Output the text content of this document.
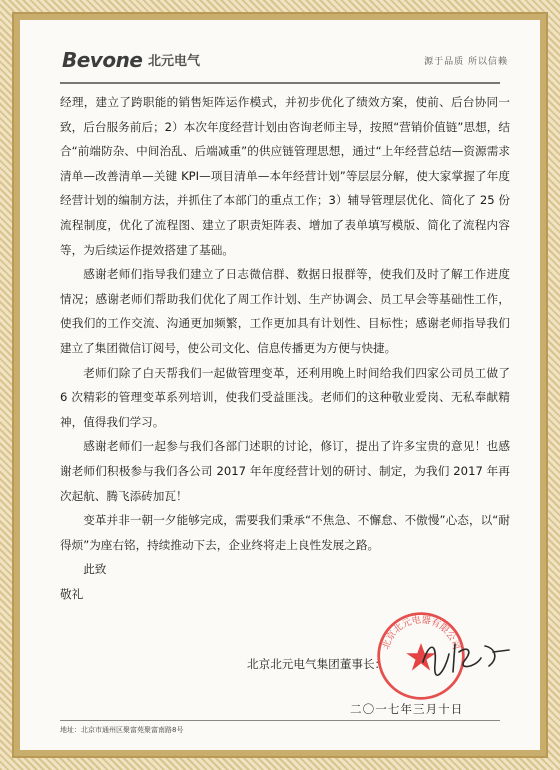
Bevone 北元电气	源于品质 所以信赖

经理，建立了跨职能的销售矩阵运作模式，并初步优化了绩效方案，使前、后台协同一致，后台服务前后；2）本次年度经营计划由咨询老师主导，按照“营销价值链”思想，结合“前端防杂、中间治乱、后端减重”的供应链管理思想，通过“上年经营总结—资源需求清单—改善清单—关键 KPI—项目清单—本年经营计划”等层层分解，使大家掌握了年度经营计划的编制方法，并抓住了本部门的重点工作；3）辅导管理层优化、简化了 25 份流程制度，优化了流程图、建立了职责矩阵表、增加了表单填写模版、简化了流程内容等，为后续运作提效搭建了基础。

感谢老师们指导我们建立了日志微信群、数据日报群等，使我们及时了解工作进度情况；感谢老师们帮助我们优化了周工作计划、生产协调会、员工早会等基础性工作，使我们的工作交流、沟通更加频繁，工作更加具有计划性、目标性；感谢老师指导我们建立了集团微信订阅号，使公司文化、信息传播更为方便与快捷。

老师们除了白天帮我们一起做管理变革，还利用晚上时间给我们四家公司员工做了 6 次精彩的管理变革系列培训，使我们受益匪浅。老师们的这种敬业爱岗、无私奉献精神，值得我们学习。

感谢老师们一起参与我们各部门述职的讨论，修订，提出了许多宝贵的意见！也感谢老师们积极参与我们各公司 2017 年年度经营计划的研讨、制定，为我们 2017 年再次起航、腾飞添砖加瓦！

变革并非一朝一夕能够完成，需要我们秉承“不焦急、不懈怠、不傲慢”心态，以“耐得烦”为座右铭，持续推动下去，企业终将走上良性发展之路。

此致

敬礼

北京北元电器有限公司
北京北元电气集团董事长：
二〇一七年三月十日
地址：北京市通州区聚富苑聚富南路8号
